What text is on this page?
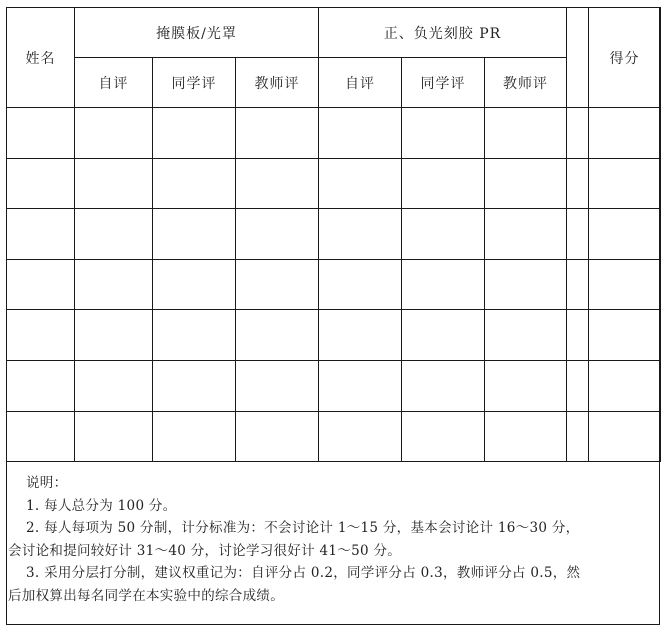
姓名	掩膜板/光罩			正、负光刻胶 PR				得分
	自评	同学评	教师评	自评	同学评	教师评		

说明：
1. 每人总分为 100 分。
2. 每人每项为 50 分制，计分标准为：不会讨论计 1～15 分，基本会讨论计 16～30 分，
会讨论和提问较好计 31～40 分，讨论学习很好计 41～50 分。
3. 采用分层打分制，建议权重记为：自评分占 0.2，同学评分占 0.3，教师评分占 0.5，然
后加权算出每名同学在本实验中的综合成绩。
